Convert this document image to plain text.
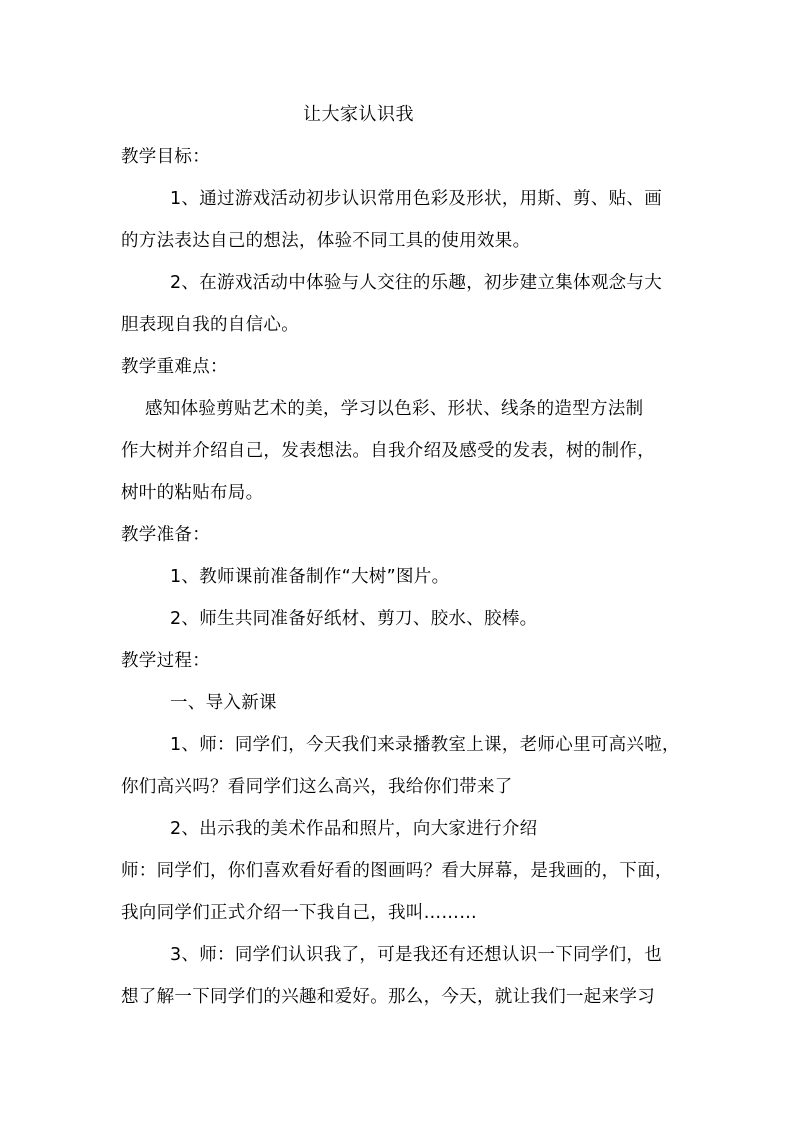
让大家认识我
教学目标：
1、通过游戏活动初步认识常用色彩及形状，用斯、剪、贴、画
的方法表达自己的想法，体验不同工具的使用效果。
2、在游戏活动中体验与人交往的乐趣，初步建立集体观念与大
胆表现自我的自信心。
教学重难点：
感知体验剪贴艺术的美，学习以色彩、形状、线条的造型方法制
作大树并介绍自己，发表想法。自我介绍及感受的发表，树的制作，
树叶的粘贴布局。
教学准备：
1、教师课前准备制作“大树”图片。
2、师生共同准备好纸材、剪刀、胶水、胶棒。
教学过程：
一、导入新课
1、师：同学们，今天我们来录播教室上课，老师心里可高兴啦，
你们高兴吗？看同学们这么高兴，我给你们带来了
2、出示我的美术作品和照片，向大家进行介绍
师：同学们，你们喜欢看好看的图画吗？看大屏幕，是我画的，下面，
我向同学们正式介绍一下我自己，我叫………
3、师：同学们认识我了，可是我还有还想认识一下同学们，也
想了解一下同学们的兴趣和爱好。那么，今天，就让我们一起来学习
